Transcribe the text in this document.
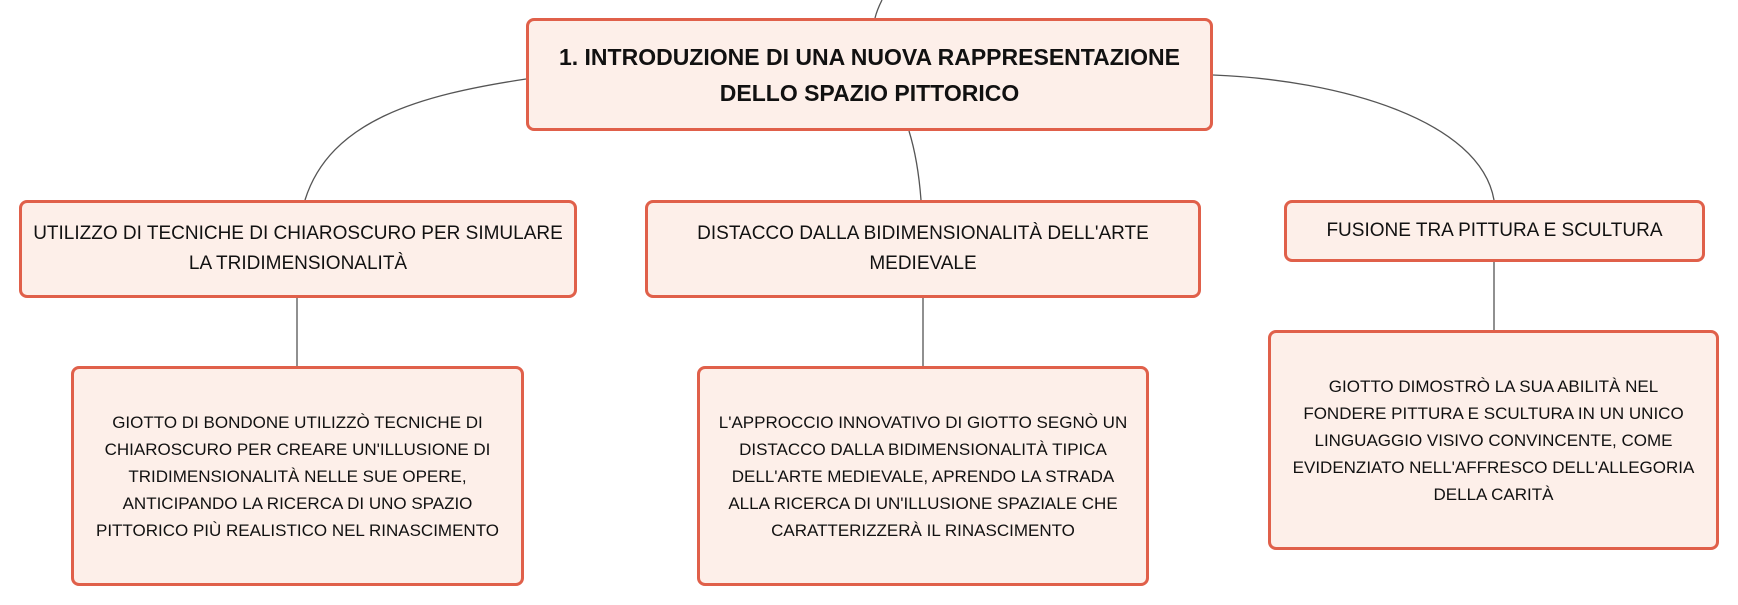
1. INTRODUZIONE DI UNA NUOVA RAPPRESENTAZIONE
DELLO SPAZIO PITTORICO
UTILIZZO DI TECNICHE DI CHIAROSCURO PER SIMULARE LA TRIDIMENSIONALITÀ
DISTACCO DALLA BIDIMENSIONALITÀ DELL'ARTE MEDIEVALE
FUSIONE TRA PITTURA E SCULTURA
GIOTTO DI BONDONE UTILIZZÒ TECNICHE DI CHIAROSCURO PER CREARE UN'ILLUSIONE DI TRIDIMENSIONALITÀ NELLE SUE OPERE, ANTICIPANDO LA RICERCA DI UNO SPAZIO PITTORICO PIÙ REALISTICO NEL RINASCIMENTO
L'APPROCCIO INNOVATIVO DI GIOTTO SEGNÒ UN DISTACCO DALLA BIDIMENSIONALITÀ TIPICA DELL'ARTE MEDIEVALE, APRENDO LA STRADA ALLA RICERCA DI UN'ILLUSIONE SPAZIALE CHE CARATTERIZZERÀ IL RINASCIMENTO
GIOTTO DIMOSTRÒ LA SUA ABILITÀ NEL FONDERE PITTURA E SCULTURA IN UN UNICO LINGUAGGIO VISIVO CONVINCENTE, COME EVIDENZIATO NELL'AFFRESCO DELL'ALLEGORIA DELLA CARITÀ
